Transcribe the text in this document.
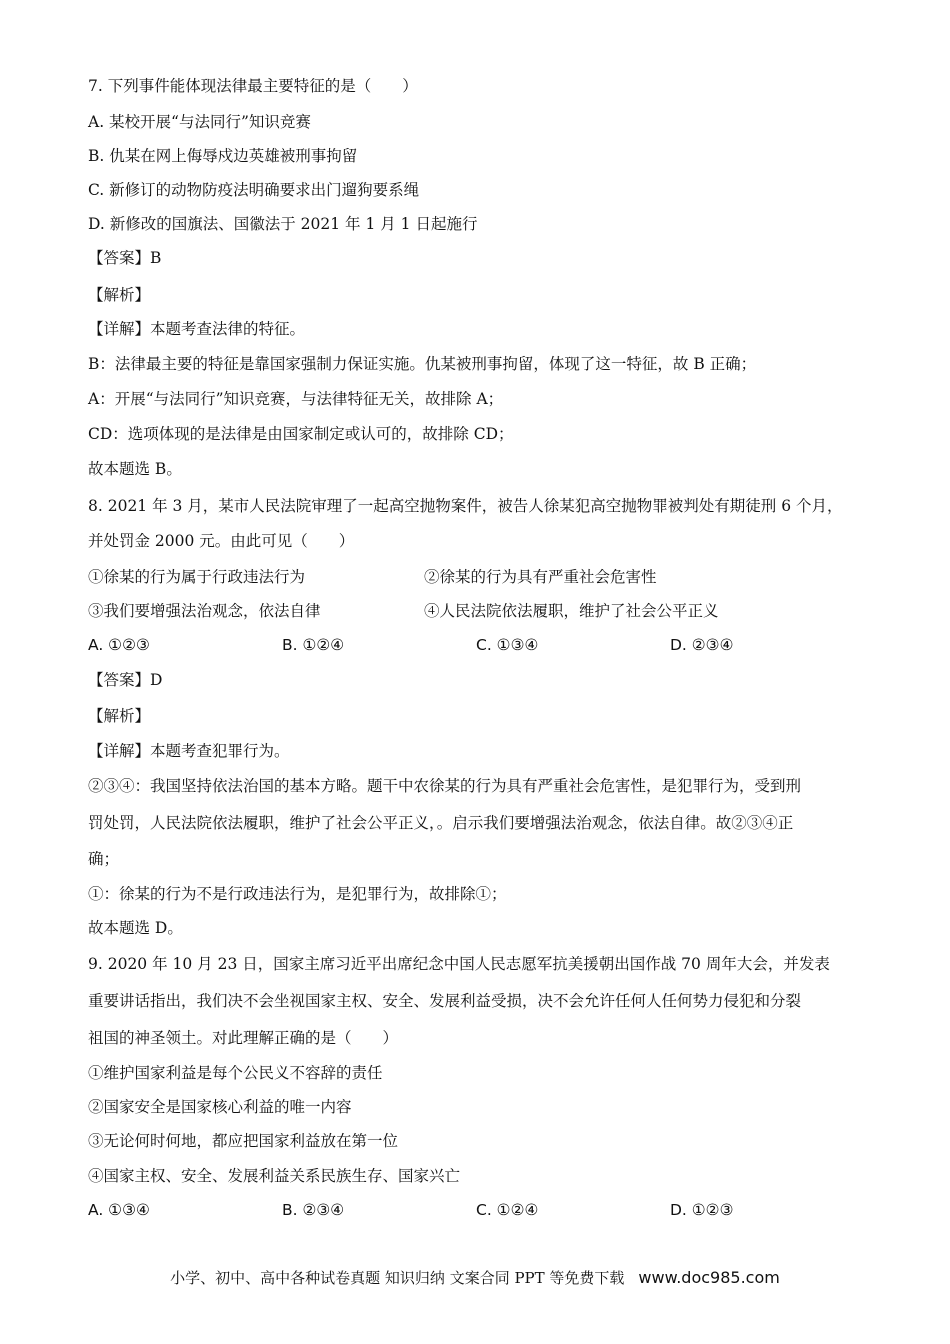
7. 下列事件能体现法律最主要特征的是（　　）
A. 某校开展“与法同行”知识竞赛
B. 仇某在网上侮辱戍边英雄被刑事拘留
C. 新修订的动物防疫法明确要求出门遛狗要系绳
D. 新修改的国旗法、国徽法于 2021 年 1 月 1 日起施行
【答案】B
【解析】
【详解】本题考查法律的特征。
B：法律最主要的特征是靠国家强制力保证实施。仇某被刑事拘留，体现了这一特征，故 B 正确；
A：开展“与法同行”知识竞赛，与法律特征无关，故排除 A；
CD：选项体现的是法律是由国家制定或认可的，故排除 CD；
故本题选 B。
8. 2021 年 3 月，某市人民法院审理了一起高空抛物案件，被告人徐某犯高空抛物罪被判处有期徒刑 6 个月，
并处罚金 2000 元。由此可见（　　）
①徐某的行为属于行政违法行为	②徐某的行为具有严重社会危害性
③我们要增强法治观念，依法自律	④人民法院依法履职，维护了社会公平正义
A. ①②③	B. ①②④	C. ①③④	D. ②③④
【答案】D
【解析】
【详解】本题考查犯罪行为。
②③④：我国坚持依法治国的基本方略。题干中农徐某的行为具有严重社会危害性，是犯罪行为，受到刑
罚处罚，人民法院依法履职，维护了社会公平正义，。启示我们要增强法治观念，依法自律。故②③④正
确；
①：徐某的行为不是行政违法行为，是犯罪行为，故排除①；
故本题选 D。
9. 2020 年 10 月 23 日，国家主席习近平出席纪念中国人民志愿军抗美援朝出国作战 70 周年大会，并发表
重要讲话指出，我们决不会坐视国家主权、安全、发展利益受损，决不会允许任何人任何势力侵犯和分裂
祖国的神圣领土。对此理解正确的是（　　）
①维护国家利益是每个公民义不容辞的责任
②国家安全是国家核心利益的唯一内容
③无论何时何地，都应把国家利益放在第一位
④国家主权、安全、发展利益关系民族生存、国家兴亡
A. ①③④	B. ②③④	C. ①②④	D. ①②③
小学、初中、高中各种试卷真题 知识归纳 文案合同 PPT 等免费下载 www.doc985.com
